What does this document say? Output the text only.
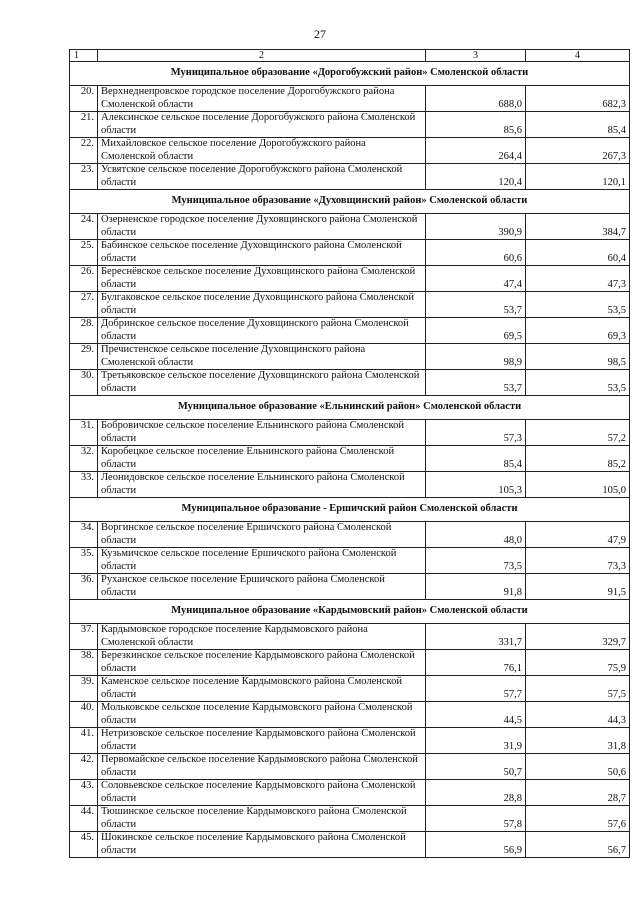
27
1	2	3	4
Муниципальное образование «Дорогобужский район» Смоленской области			
20.	Верхнеднепровское городское поселение Дорогобужского района Смоленской области	688,0	682,3
21.	Алексинское сельское поселение Дорогобужского района Смоленской области	85,6	85,4
22.	Михайловское сельское поселение Дорогобужского района Смоленской области	264,4	267,3
23.	Усвятское сельское поселение Дорогобужского района Смоленской области	120,4	120,1
Муниципальное образование «Духовщинский район» Смоленской области			
24.	Озерненское городское поселение Духовщинского района Смоленской области	390,9	384,7
25.	Бабинское сельское поселение Духовщинского района Смоленской области	60,6	60,4
26.	Береснёвское сельское поселение Духовщинского района Смоленской области	47,4	47,3
27.	Булгаковское сельское поселение Духовщинского района Смоленской области	53,7	53,5
28.	Добринское сельское поселение Духовщинского района Смоленской области	69,5	69,3
29.	Пречистенское сельское поселение Духовщинского района Смоленской области	98,9	98,5
30.	Третьяковское сельское поселение Духовщинского района Смоленской области	53,7	53,5
Муниципальное образование «Ельнинский район» Смоленской области			
31.	Бобровичское сельское поселение Ельнинского района Смоленской области	57,3	57,2
32.	Коробецкое сельское поселение Ельнинского района Смоленской области	85,4	85,2
33.	Леонидовское сельское поселение Ельнинского района Смоленской области	105,3	105,0
Муниципальное образование - Ершичский район Смоленской области			
34.	Воргинское сельское поселение Ершичского района Смоленской области	48,0	47,9
35.	Кузьмичское сельское поселение Ершичского района Смоленской области	73,5	73,3
36.	Руханское сельское поселение Ершичского района Смоленской области	91,8	91,5
Муниципальное образование «Кардымовский район» Смоленской области			
37.	Кардымовское городское поселение Кардымовского района Смоленской области	331,7	329,7
38.	Березкинское сельское поселение Кардымовского района Смоленской области	76,1	75,9
39.	Каменское сельское поселение Кардымовского района Смоленской области	57,7	57,5
40.	Мольковское сельское поселение Кардымовского района Смоленской области	44,5	44,3
41.	Нетризовское сельское поселение Кардымовского района Смоленской области	31,9	31,8
42.	Первомайское сельское поселение Кардымовского района Смоленской области	50,7	50,6
43.	Соловьевское сельское поселение Кардымовского района Смоленской области	28,8	28,7
44.	Тюшинское сельское поселение Кардымовского района Смоленской области	57,8	57,6
45.	Шокинское сельское поселение Кардымовского района Смоленской области	56,9	56,7
